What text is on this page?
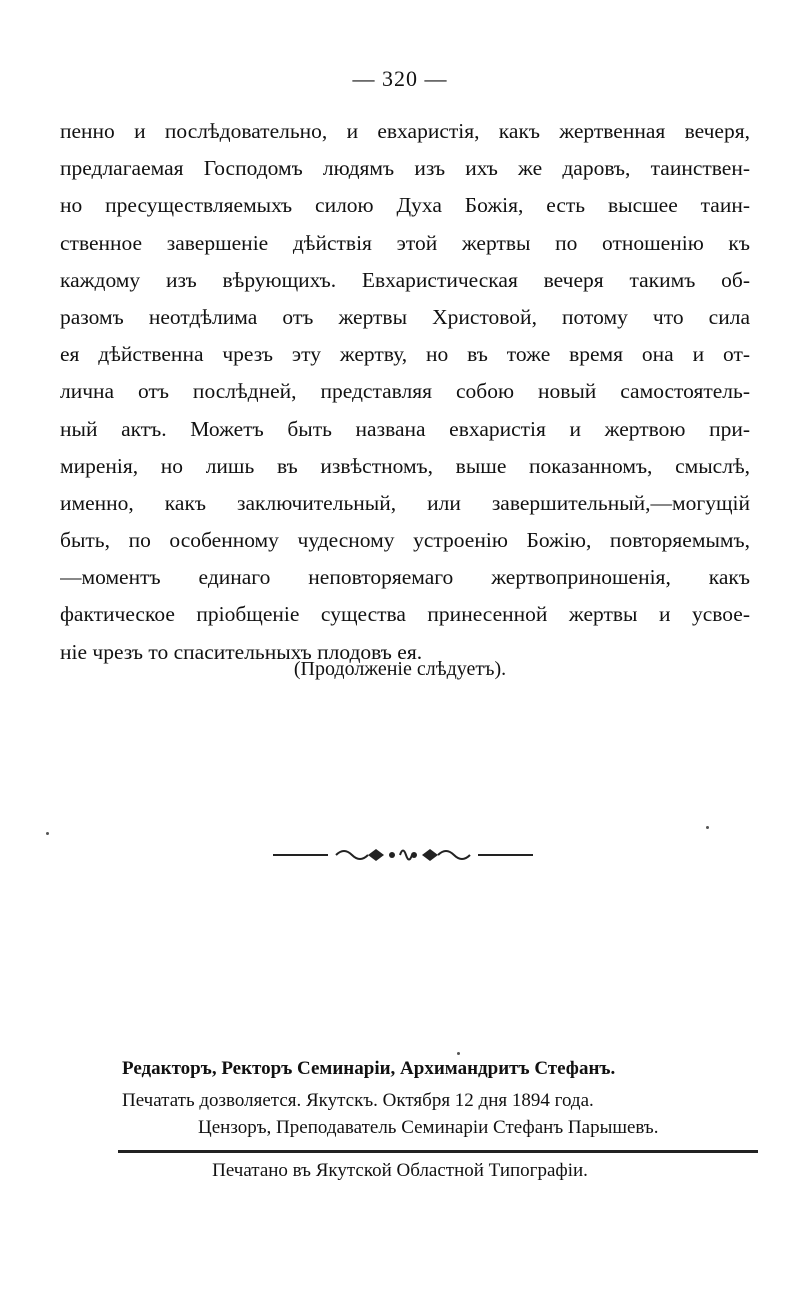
— 320 —
пенно и послѣдовательно, и евхаристія, какъ жертвенная вечеря,
предлагаемая Господомъ людямъ изъ ихъ же даровъ, таинствен-
но пресуществляемыхъ силою Духа Божія, есть высшее таин-
ственное завершеніе дѣйствія этой жертвы по отношенію къ
каждому изъ вѣрующихъ. Евхаристическая вечеря такимъ об-
разомъ неотдѣлима отъ жертвы Христовой, потому что сила
ея дѣйственна чрезъ эту жертву, но въ тоже время она и от-
лична отъ послѣдней, представляя собою новый самостоятель-
ный актъ. Можетъ быть названа евхаристія и жертвою при-
миренія, но лишь въ извѣстномъ, выше показанномъ, смыслѣ,
именно, какъ заключительный, или завершительный,—могущій
быть, по особенному чудесному устроенію Божію, повторяемымъ,
—моментъ единаго неповторяемаго жертвоприношенія, какъ
фактическое пріобщеніе существа принесенной жертвы и усвое-
ніе чрезъ то спасительныхъ плодовъ ея.
(Продолженіе слѣдуетъ).
Редакторъ, Ректоръ Семинаріи, Архимандритъ Стефанъ.
Печатать дозволяется. Якутскъ. Октября 12 дня 1894 года.
Цензоръ, Преподаватель Семинаріи Стефанъ Парышевъ.
Печатано въ Якутской Областной Типографіи.
